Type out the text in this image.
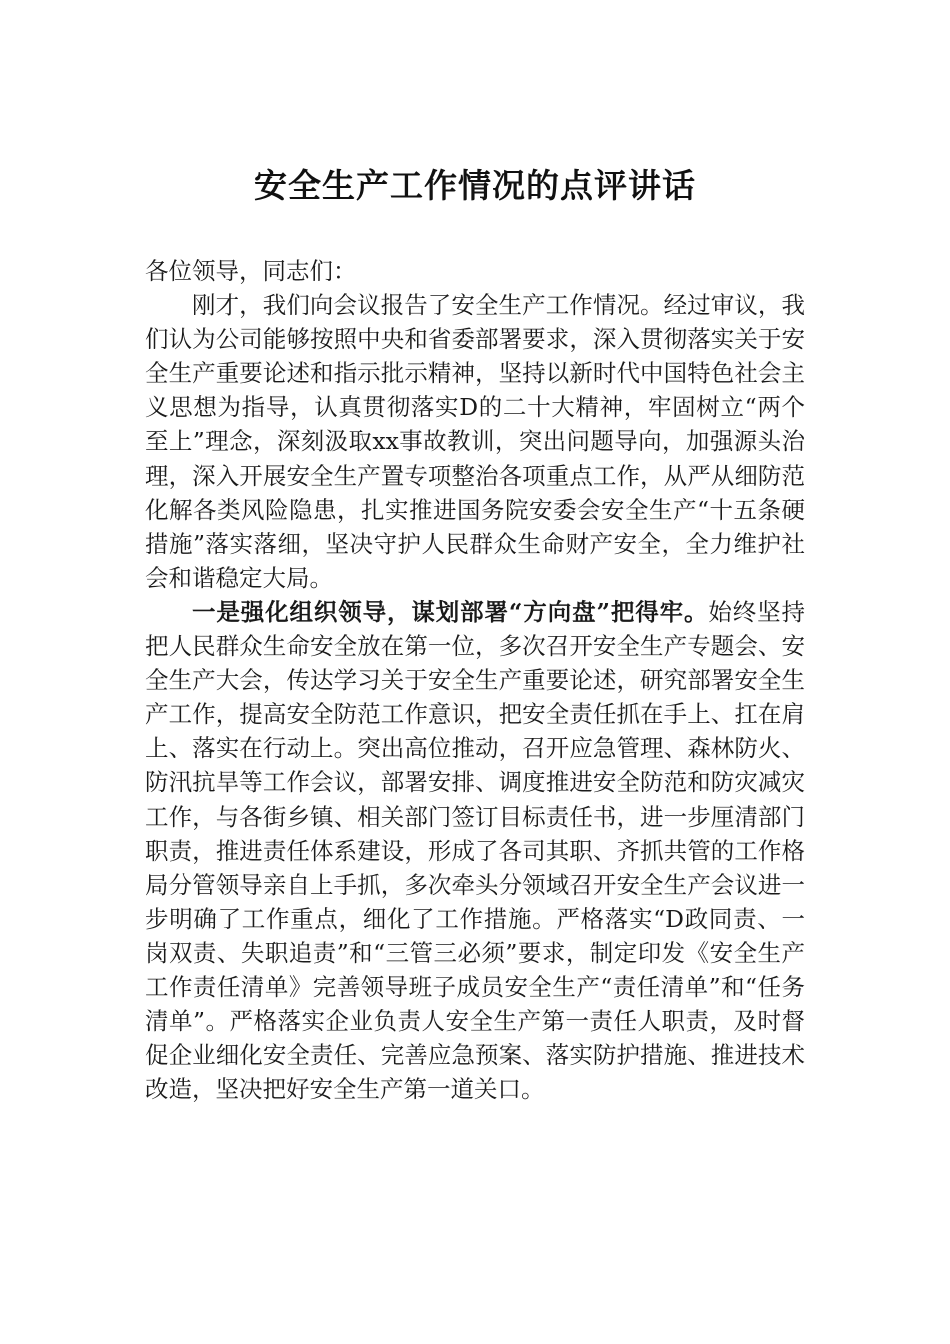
安全生产工作情况的点评讲话

各位领导，同志们：

刚才，我们向会议报告了安全生产工作情况。经过审议，我们认为公司能够按照中央和省委部署要求，深入贯彻落实关于安全生产重要论述和指示批示精神，坚持以新时代中国特色社会主义思想为指导，认真贯彻落实D的二十大精神，牢固树立“两个至上”理念，深刻汲取xx事故教训，突出问题导向，加强源头治理，深入开展安全生产置专项整治各项重点工作，从严从细防范化解各类风险隐患，扎实推进国务院安委会安全生产“十五条硬措施”落实落细，坚决守护人民群众生命财产安全，全力维护社会和谐稳定大局。

一是强化组织领导，谋划部署“方向盘”把得牢。始终坚持把人民群众生命安全放在第一位，多次召开安全生产专题会、安全生产大会，传达学习关于安全生产重要论述，研究部署安全生产工作，提高安全防范工作意识，把安全责任抓在手上、扛在肩上、落实在行动上。突出高位推动，召开应急管理、森林防火、防汛抗旱等工作会议，部署安排、调度推进安全防范和防灾减灾工作，与各街乡镇、相关部门签订目标责任书，进一步厘清部门职责，推进责任体系建设，形成了各司其职、齐抓共管的工作格局分管领导亲自上手抓，多次牵头分领域召开安全生产会议进一步明确了工作重点，细化了工作措施。严格落实“D政同责、一岗双责、失职追责”和“三管三必须”要求，制定印发《安全生产工作责任清单》完善领导班子成员安全生产“责任清单”和“任务清单”。严格落实企业负责人安全生产第一责任人职责，及时督促企业细化安全责任、完善应急预案、落实防护措施、推进技术改造，坚决把好安全生产第一道关口。
